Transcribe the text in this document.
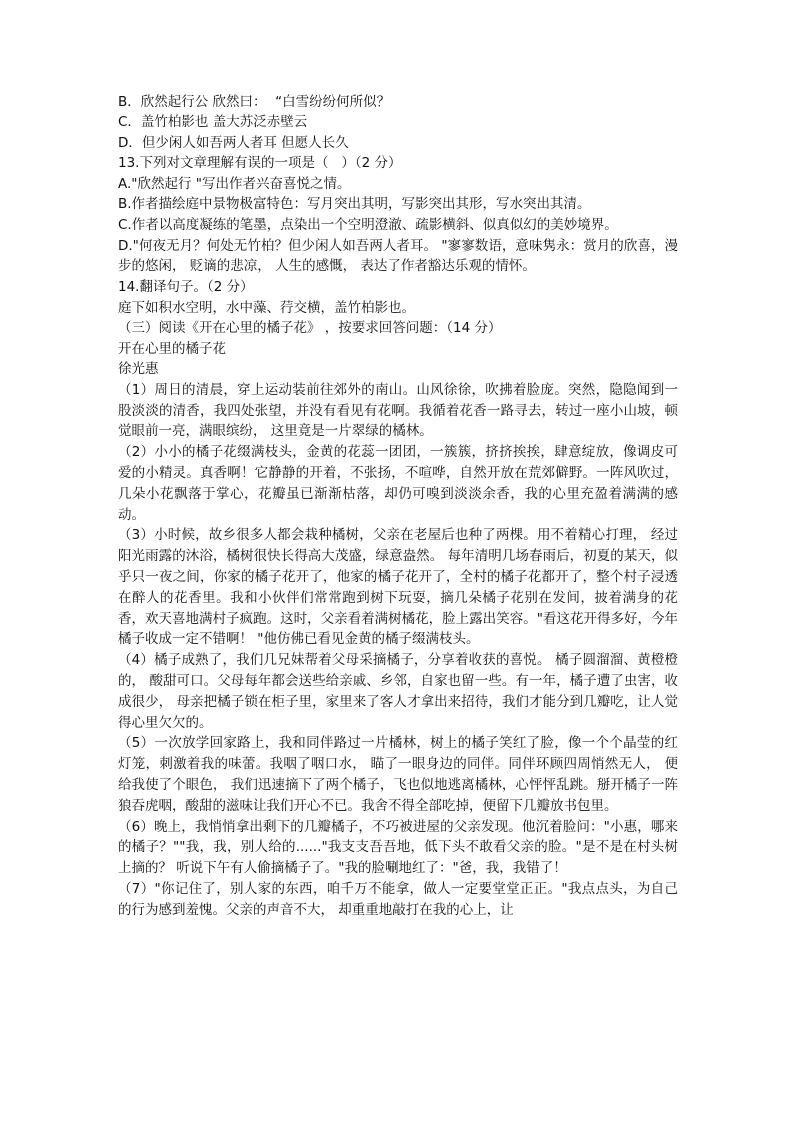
B．欣然起行公 欣然曰：  “白雪纷纷何所似？
C．盖竹柏影也 盖大苏泛赤壁云
D．但少闲人如吾两人者耳 但愿人长久
13.下列对文章理解有误的一项是（   ）（2 分）
A."欣然起行 "写出作者兴奋喜悦之情。
B.作者描绘庭中景物极富特色：写月突出其明，写影突出其形，写水突出其清。
C.作者以高度凝练的笔墨，点染出一个空明澄澈、疏影横斜、似真似幻的美妙境界。
D."何夜无月？何处无竹柏？但少闲人如吾两人者耳。 "寥寥数语，意味隽永：赏月的欣喜，漫步的悠闲， 贬谪的悲凉， 人生的感慨， 表达了作者豁达乐观的情怀。
14.翻译句子。（2 分）
庭下如积水空明，水中藻、荇交横，盖竹柏影也。
（三）阅读《开在心里的橘子花》 ，按要求回答问题：（14 分）
开在心里的橘子花
徐光惠
（1）周日的清晨，穿上运动装前往郊外的南山。山风徐徐，吹拂着脸庞。突然，隐隐闻到一股淡淡的清香，我四处张望，并没有看见有花啊。我循着花香一路寻去，转过一座小山坡，顿觉眼前一亮，满眼缤纷， 这里竟是一片翠绿的橘林。
（2）小小的橘子花缀满枝头，金黄的花蕊一团团，一簇簇，挤挤挨挨，肆意绽放，像调皮可爱的小精灵。真香啊！它静静的开着，不张扬，不喧哗，自然开放在荒郊僻野。一阵风吹过，几朵小花飘落于掌心，花瓣虽已渐渐枯落，却仍可嗅到淡淡余香，我的心里充盈着满满的感动。
（3）小时候，故乡很多人都会栽种橘树，父亲在老屋后也种了两棵。用不着精心打理， 经过阳光雨露的沐浴，橘树很快长得高大茂盛，绿意盎然。 每年清明几场春雨后，初夏的某天，似乎只一夜之间，你家的橘子花开了，他家的橘子花开了，全村的橘子花都开了，整个村子浸透在醉人的花香里。我和小伙伴们常常跑到树下玩耍，摘几朵橘子花别在发间，披着满身的花香，欢天喜地满村子疯跑。这时，父亲看着满树橘花，脸上露出笑容。"看这花开得多好，今年橘子收成一定不错啊！ "他仿佛已看见金黄的橘子缀满枝头。
（4）橘子成熟了，我们几兄妹帮着父母采摘橘子，分享着收获的喜悦。 橘子圆溜溜、黄橙橙的， 酸甜可口。父母每年都会送些给亲戚、乡邻，自家也留一些。有一年，橘子遭了虫害，收成很少， 母亲把橘子锁在柜子里，家里来了客人才拿出来招待，我们才能分到几瓣吃，让人觉得心里欠欠的。
（5）一次放学回家路上，我和同伴路过一片橘林，树上的橘子笑红了脸，像一个个晶莹的红灯笼，刺激着我的味蕾。我咽了咽口水， 瞄了一眼身边的同伴。同伴环顾四周悄然无人， 便给我使了个眼色， 我们迅速摘下了两个橘子，飞也似地逃离橘林，心怦怦乱跳。掰开橘子一阵狼吞虎咽，酸甜的滋味让我们开心不已。我舍不得全部吃掉，便留下几瓣放书包里。
（6）晚上，我悄悄拿出剩下的几瓣橘子，不巧被进屋的父亲发现。他沉着脸问："小惠，哪来的橘子？""我，我，别人给的......"我支支吾吾地，低下头不敢看父亲的脸。"是不是在村头树上摘的？ 听说下午有人偷摘橘子了。"我的脸唰地红了："爸，我，我错了！
（7）"你记住了，别人家的东西，咱千万不能拿，做人一定要堂堂正正。"我点点头，为自己的行为感到羞愧。父亲的声音不大， 却重重地敲打在我的心上，让
